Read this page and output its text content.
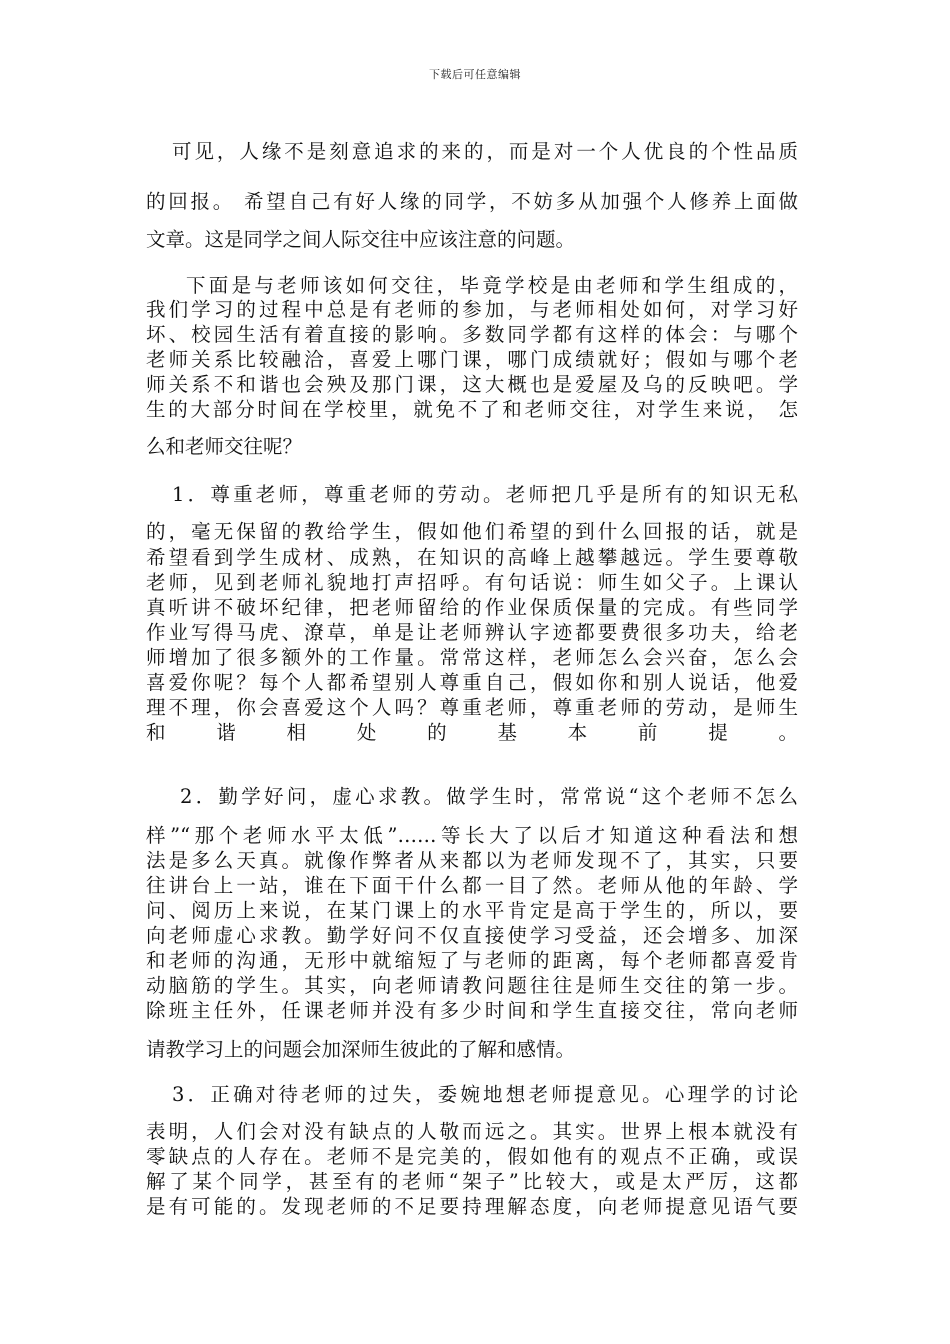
下载后可任意编辑
可见，人缘不是刻意追求的来的，而是对一个人优良的个性品质
的回报。 希望自己有好人缘的同学，不妨多从加强个人修养上面做
文章。这是同学之间人际交往中应该注意的问题。
下面是与老师该如何交往，毕竟学校是由老师和学生组成的，
我们学习的过程中总是有老师的参加，与老师相处如何，对学习好
坏、校园生活有着直接的影响。多数同学都有这样的体会：与哪个
老师关系比较融洽，喜爱上哪门课，哪门成绩就好；假如与哪个老
师关系不和谐也会殃及那门课，这大概也是爱屋及乌的反映吧。学
生的大部分时间在学校里，就免不了和老师交往，对学生来说， 怎
么和老师交往呢？
1．尊重老师，尊重老师的劳动。老师把几乎是所有的知识无私
的，毫无保留的教给学生，假如他们希望的到什么回报的话，就是
希望看到学生成材、成熟，在知识的高峰上越攀越远。学生要尊敬
老师，见到老师礼貌地打声招呼。有句话说：师生如父子。上课认
真听讲不破坏纪律，把老师留给的作业保质保量的完成。有些同学
作业写得马虎、潦草，单是让老师辨认字迹都要费很多功夫，给老
师增加了很多额外的工作量。常常这样，老师怎么会兴奋，怎么会
喜爱你呢？每个人都希望别人尊重自己，假如你和别人说话，他爱
理不理，你会喜爱这个人吗？尊重老师，尊重老师的劳动，是师生
和谐相处的基本前提。
2．勤学好问，虚心求教。做学生时，常常说“这个老师不怎么
样”“那个老师水平太低”……等长大了以后才知道这种看法和想
法是多么天真。就像作弊者从来都以为老师发现不了，其实，只要
往讲台上一站，谁在下面干什么都一目了然。老师从他的年龄、学
问、阅历上来说，在某门课上的水平肯定是高于学生的，所以，要
向老师虚心求教。勤学好问不仅直接使学习受益，还会增多、加深
和老师的沟通，无形中就缩短了与老师的距离，每个老师都喜爱肯
动脑筋的学生。其实，向老师请教问题往往是师生交往的第一步。
除班主任外，任课老师并没有多少时间和学生直接交往，常向老师
请教学习上的问题会加深师生彼此的了解和感情。
3．正确对待老师的过失，委婉地想老师提意见。心理学的讨论
表明，人们会对没有缺点的人敬而远之。其实。世界上根本就没有
零缺点的人存在。老师不是完美的，假如他有的观点不正确，或误
解了某个同学，甚至有的老师“架子”比较大，或是太严厉，这都
是有可能的。发现老师的不足要持理解态度，向老师提意见语气要
